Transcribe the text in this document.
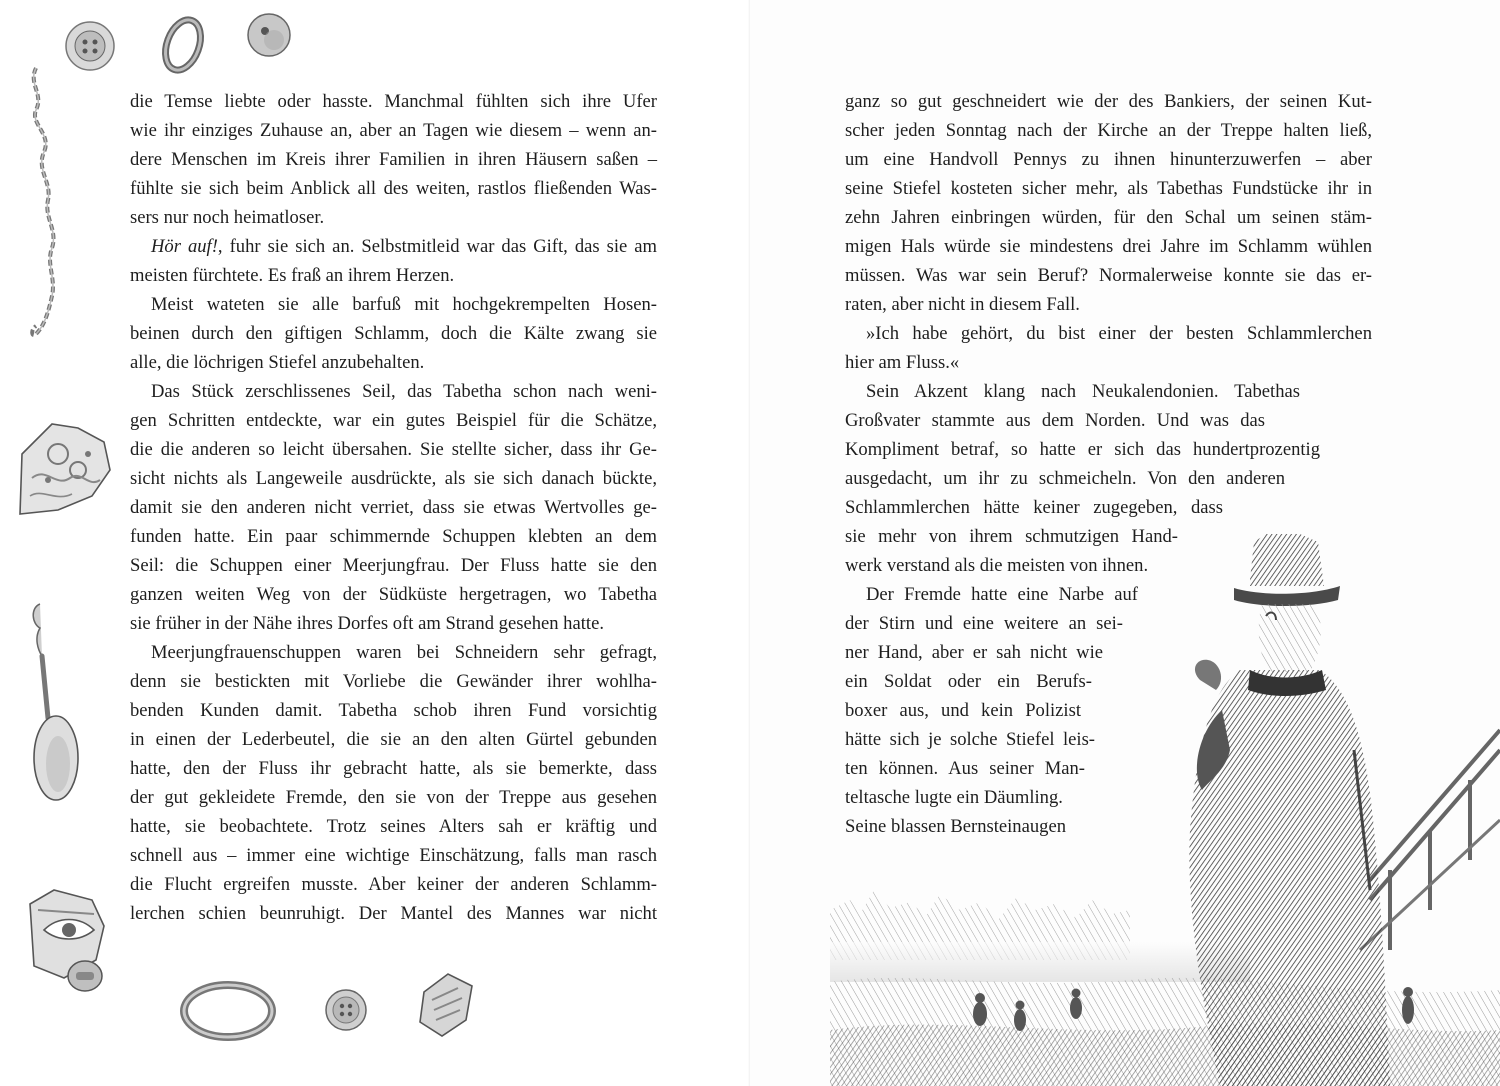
die Temse liebte oder hasste. Manchmal fühlten sich ihre Ufer
wie ihr einziges Zuhause an, aber an Tagen wie diesem – wenn an-
dere Menschen im Kreis ihrer Familien in ihren Häusern saßen –
fühlte sie sich beim Anblick all des weiten, rastlos fließenden Was-
sers nur noch heimatloser.
Hör auf!, fuhr sie sich an. Selbstmitleid war das Gift, das sie am
meisten fürchtete. Es fraß an ihrem Herzen.
Meist wateten sie alle barfuß mit hochgekrempelten Hosen-
beinen durch den giftigen Schlamm, doch die Kälte zwang sie
alle, die löchrigen Stiefel anzubehalten.
Das Stück zerschlissenes Seil, das Tabetha schon nach weni-
gen Schritten entdeckte, war ein gutes Beispiel für die Schätze,
die die anderen so leicht übersahen. Sie stellte sicher, dass ihr Ge-
sicht nichts als Langeweile ausdrückte, als sie sich danach bückte,
damit sie den anderen nicht verriet, dass sie etwas Wertvolles ge-
funden hatte. Ein paar schimmernde Schuppen klebten an dem
Seil: die Schuppen einer Meerjungfrau. Der Fluss hatte sie den
ganzen weiten Weg von der Südküste hergetragen, wo Tabetha
sie früher in der Nähe ihres Dorfes oft am Strand gesehen hatte.
Meerjungfrauenschuppen waren bei Schneidern sehr gefragt,
denn sie bestickten mit Vorliebe die Gewänder ihrer wohlha-
benden Kunden damit. Tabetha schob ihren Fund vorsichtig
in einen der Lederbeutel, die sie an den alten Gürtel gebunden
hatte, den der Fluss ihr gebracht hatte, als sie bemerkte, dass
der gut gekleidete Fremde, den sie von der Treppe aus gesehen
hatte, sie beobachtete. Trotz seines Alters sah er kräftig und
schnell aus – immer eine wichtige Einschätzung, falls man rasch
die Flucht ergreifen musste. Aber keiner der anderen Schlamm-
lerchen schien beunruhigt. Der Mantel des Mannes war nicht
ganz so gut geschneidert wie der des Bankiers, der seinen Kut-
scher jeden Sonntag nach der Kirche an der Treppe halten ließ,
um eine Handvoll Pennys zu ihnen hinunterzuwerfen – aber
seine Stiefel kosteten sicher mehr, als Tabethas Fundstücke ihr in
zehn Jahren einbringen würden, für den Schal um seinen stäm-
migen Hals würde sie mindestens drei Jahre im Schlamm wühlen
müssen. Was war sein Beruf? Normalerweise konnte sie das er-
raten, aber nicht in diesem Fall.
»Ich habe gehört, du bist einer der besten Schlammlerchen
hier am Fluss.«
Sein Akzent klang nach Neukalendonien. Tabethas
Großvater stammte aus dem Norden. Und was das
Kompliment betraf, so hatte er sich das hundertprozentig
ausgedacht, um ihr zu schmeicheln. Von den anderen
Schlammlerchen hätte keiner zugegeben, dass
sie mehr von ihrem schmutzigen Hand-
werk verstand als die meisten von ihnen.
Der Fremde hatte eine Narbe auf
der Stirn und eine weitere an sei-
ner Hand, aber er sah nicht wie
ein Soldat oder ein Berufs-
boxer aus, und kein Polizist
hätte sich je solche Stiefel leis-
ten können. Aus seiner Man-
teltasche lugte ein Däumling.
Seine blassen Bernsteinaugen
